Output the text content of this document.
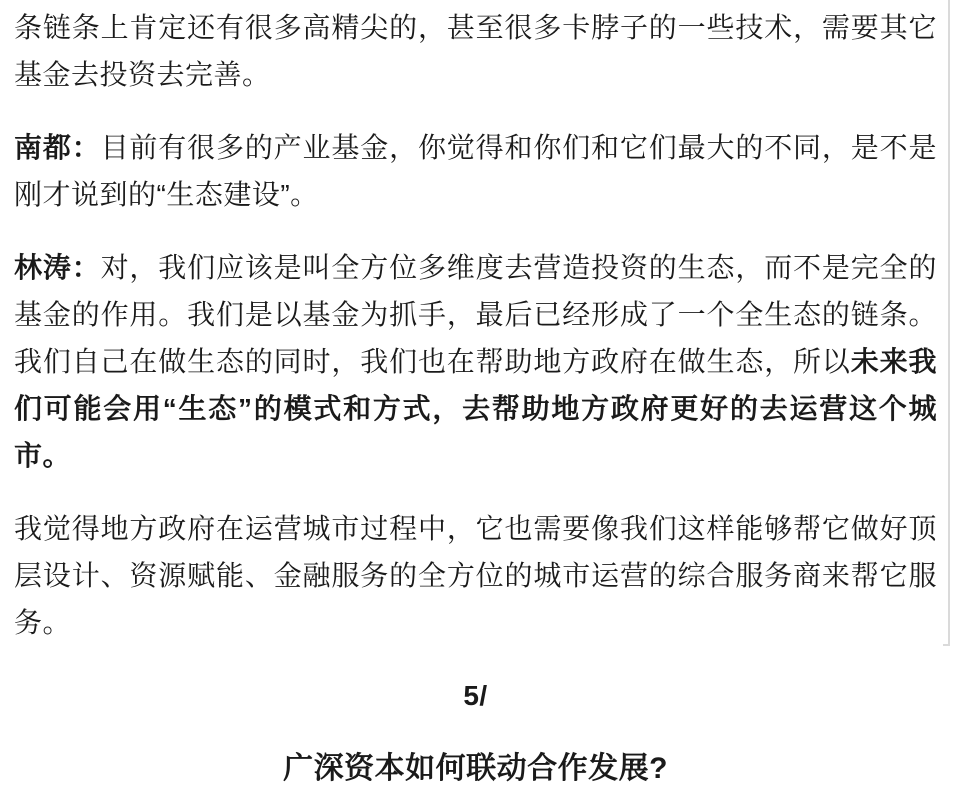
条链条上肯定还有很多高精尖的，甚至很多卡脖子的一些技术，需要其它基金去投资去完善。

南都：目前有很多的产业基金，你觉得和你们和它们最大的不同，是不是刚才说到的“生态建设”。

林涛：对，我们应该是叫全方位多维度去营造投资的生态，而不是完全的基金的作用。我们是以基金为抓手，最后已经形成了一个全生态的链条。我们自己在做生态的同时，我们也在帮助地方政府在做生态，所以未来我们可能会用“生态”的模式和方式，去帮助地方政府更好的去运营这个城市。

我觉得地方政府在运营城市过程中，它也需要像我们这样能够帮它做好顶层设计、资源赋能、金融服务的全方位的城市运营的综合服务商来帮它服务。

5/

广深资本如何联动合作发展?
